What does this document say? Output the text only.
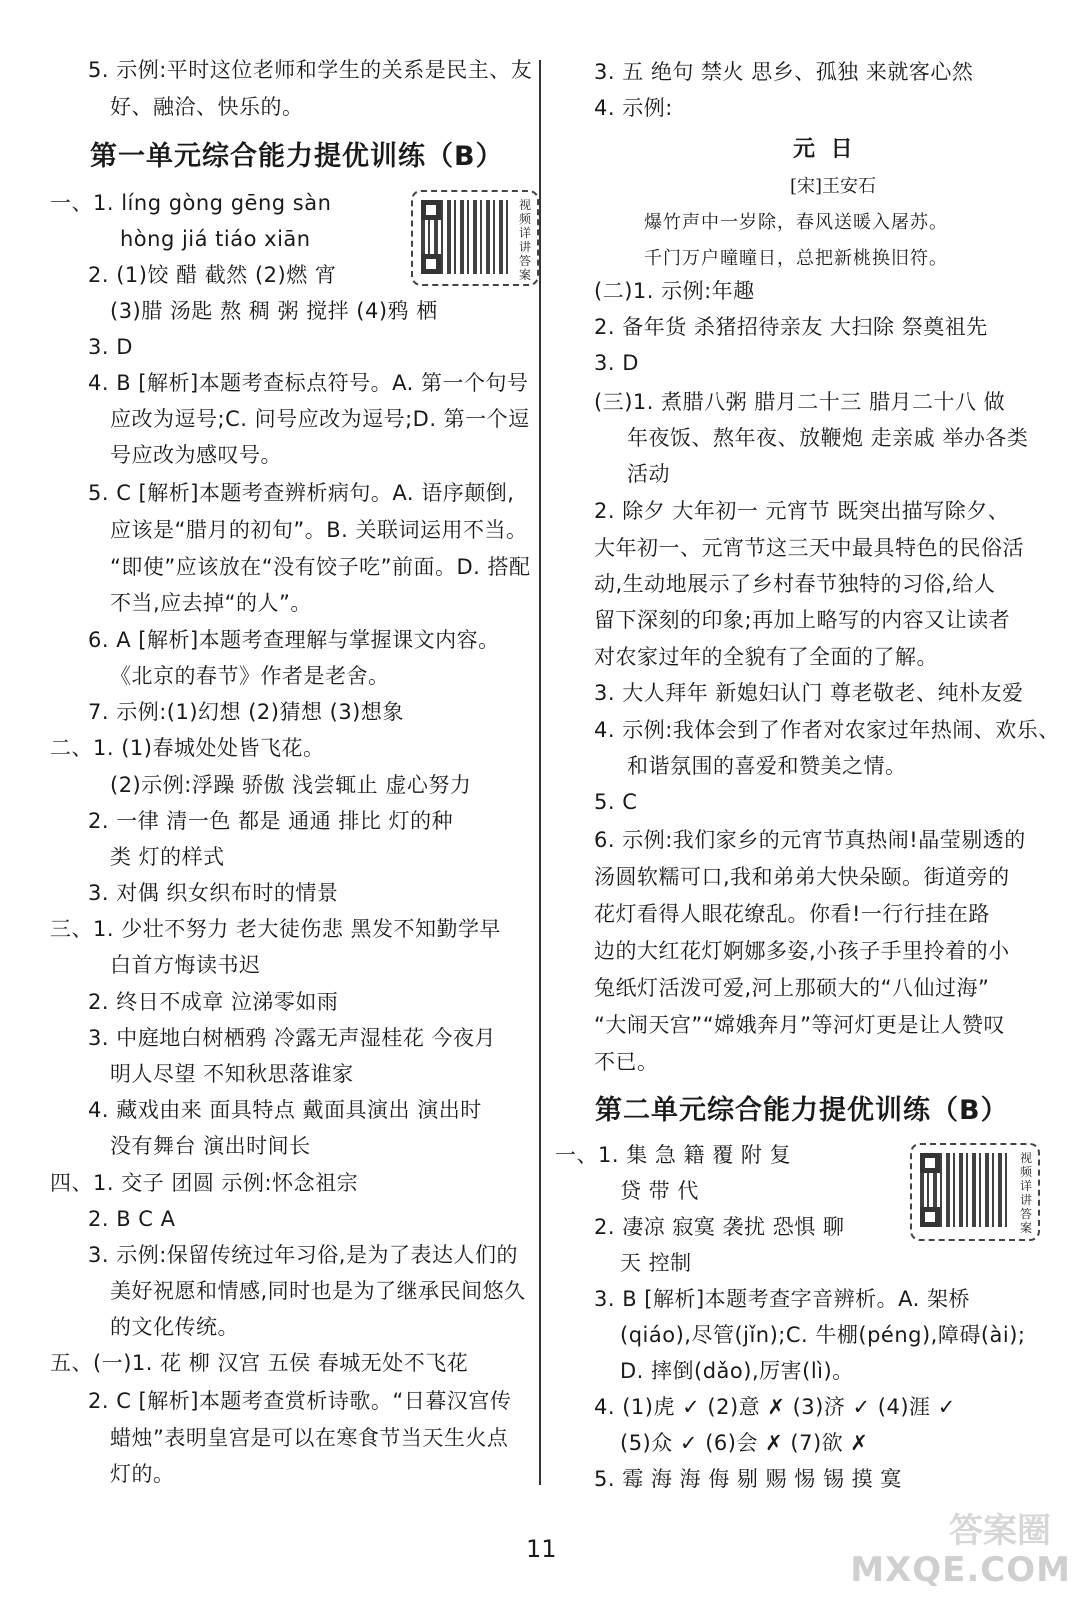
5. 示例:平时这位老师和学生的关系是民主、友
好、融洽、快乐的。
第一单元综合能力提优训练（B）
一、1. líng gòng gēng sàn
hòng jiá tiáo xiān
2. (1)饺 醋 截然 (2)燃 宵
(3)腊 汤匙 熬 稠 粥 搅拌 (4)鸦 栖
3. D
4. B [解析]本题考查标点符号。A. 第一个句号
应改为逗号;C. 问号应改为逗号;D. 第一个逗
号应改为感叹号。
5. C [解析]本题考查辨析病句。A. 语序颠倒,
应该是“腊月的初旬”。B. 关联词运用不当。
“即使”应该放在“没有饺子吃”前面。D. 搭配
不当,应去掉“的人”。
6. A [解析]本题考查理解与掌握课文内容。
《北京的春节》作者是老舍。
7. 示例:(1)幻想 (2)猜想 (3)想象
二、1. (1)春城处处皆飞花。
(2)示例:浮躁 骄傲 浅尝辄止 虚心努力
2. 一律 清一色 都是 通通 排比 灯的种
类 灯的样式
3. 对偶 织女织布时的情景
三、1. 少壮不努力 老大徒伤悲 黑发不知勤学早
白首方悔读书迟
2. 终日不成章 泣涕零如雨
3. 中庭地白树栖鸦 冷露无声湿桂花 今夜月
明人尽望 不知秋思落谁家
4. 藏戏由来 面具特点 戴面具演出 演出时
没有舞台 演出时间长
四、1. 交子 团圆 示例:怀念祖宗
2. B C A
3. 示例:保留传统过年习俗,是为了表达人们的
美好祝愿和情感,同时也是为了继承民间悠久
的文化传统。
五、(一)1. 花 柳 汉宫 五侯 春城无处不飞花
2. C [解析]本题考查赏析诗歌。“日暮汉宫传
蜡烛”表明皇宫是可以在寒食节当天生火点
灯的。
3. 五 绝句 禁火 思乡、孤独 来就客心然
4. 示例:
2. 备年货 杀猪招待亲友 大扫除 祭奠祖先
(二)1. 示例:年趣
3. D
(三)1. 煮腊八粥 腊月二十三 腊月二十八 做
年夜饭、熬年夜、放鞭炮 走亲戚 举办各类
活动
2. 除夕 大年初一 元宵节 既突出描写除夕、
大年初一、元宵节这三天中最具特色的民俗活
动,生动地展示了乡村春节独特的习俗,给人
留下深刻的印象;再加上略写的内容又让读者
对农家过年的全貌有了全面的了解。
3. 大人拜年 新媳妇认门 尊老敬老、纯朴友爱
4. 示例:我体会到了作者对农家过年热闹、欢乐、
和谐氛围的喜爱和赞美之情。
5. C
6. 示例:我们家乡的元宵节真热闹!晶莹剔透的
汤圆软糯可口,我和弟弟大快朵颐。街道旁的
花灯看得人眼花缭乱。你看!一行行挂在路
边的大红花灯婀娜多姿,小孩子手里拎着的小
兔纸灯活泼可爱,河上那硕大的“八仙过海”
“大闹天宫”“嫦娥奔月”等河灯更是让人赞叹
不已。
第二单元综合能力提优训练（B）
一、1. 集 急 籍 覆 附 复
贷 带 代
2. 凄凉 寂寞 袭扰 恐惧 聊
天 控制
3. B [解析]本题考查字音辨析。A. 架桥
(qiáo),尽管(jǐn);C. 牛棚(péng),障碍(ài);
D. 摔倒(dǎo),厉害(lì)。
4. (1)虎 ✓ (2)意 ✗ (3)济 ✓ (4)涯 ✓
(5)众 ✓ (6)会 ✗ (7)欲 ✗
5. 霉 海 海 侮 剔 赐 惕 锡 摸 寞
视频详讲答案
视频详讲答案
元 日
[宋]王安石
爆竹声中一岁除，春风送暖入屠苏。
千门万户曈曈日，总把新桃换旧符。
11	答案圈
MXQE.COM
